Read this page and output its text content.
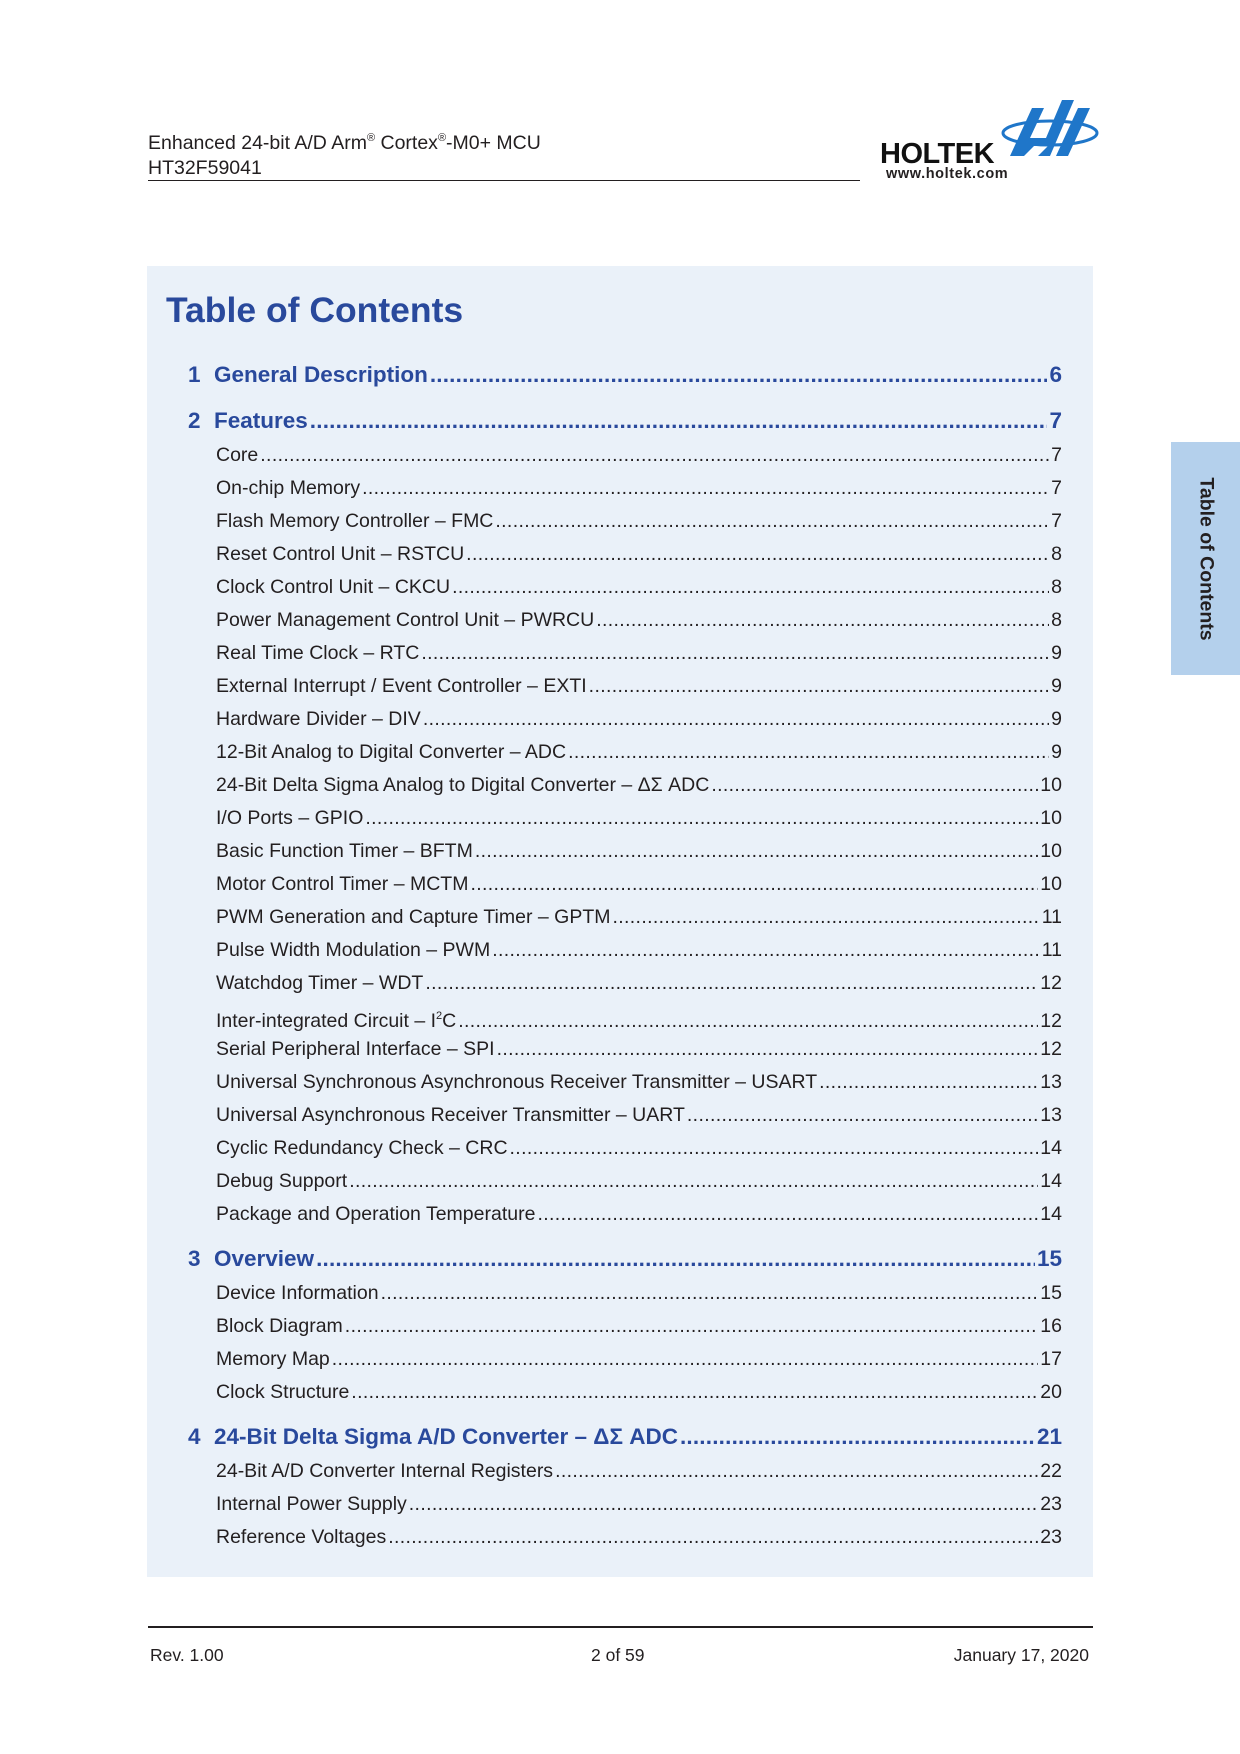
Enhanced 24-bit A/D Arm® Cortex®-M0+ MCU
HT32F59041	HOLTEK
www.holtek.com
Table of Contents
1 General Description .....	6
2 Features .....	7
Core .....	7
On-chip Memory .....	7
Flash Memory Controller – FMC .....	7
Reset Control Unit – RSTCU .....	8
Clock Control Unit – CKCU .....	8
Power Management Control Unit – PWRCU .....	8
Real Time Clock – RTC .....	9
External Interrupt / Event Controller – EXTI .....	9
Hardware Divider – DIV .....	9
12-Bit Analog to Digital Converter – ADC .....	9
24-Bit Delta Sigma Analog to Digital Converter – ΔΣ ADC .....	10
I/O Ports – GPIO .....	10
Basic Function Timer – BFTM .....	10
Motor Control Timer – MCTM .....	10
PWM Generation and Capture Timer – GPTM .....	11
Pulse Width Modulation – PWM .....	11
Watchdog Timer – WDT .....	12
Inter-integrated Circuit – $I^2C$ .....	12
Serial Peripheral Interface – SPI .....	12
Universal Synchronous Asynchronous Receiver Transmitter – USART .....	13
Universal Asynchronous Receiver Transmitter – UART .....	13
Cyclic Redundancy Check – CRC .....	14
Debug Support .....	14
Package and Operation Temperature .....	14
3 Overview .....	15
Device Information .....	15
Block Diagram .....	16
Memory Map .....	17
Clock Structure .....	20
4 24-Bit Delta Sigma A/D Converter – ΔΣ ADC .....	21
24-Bit A/D Converter Internal Registers .....	22
Internal Power Supply .....	23
Reference Voltages .....	23
Table of Contents
Rev. 1.00	2 of 59	January 17, 2020
